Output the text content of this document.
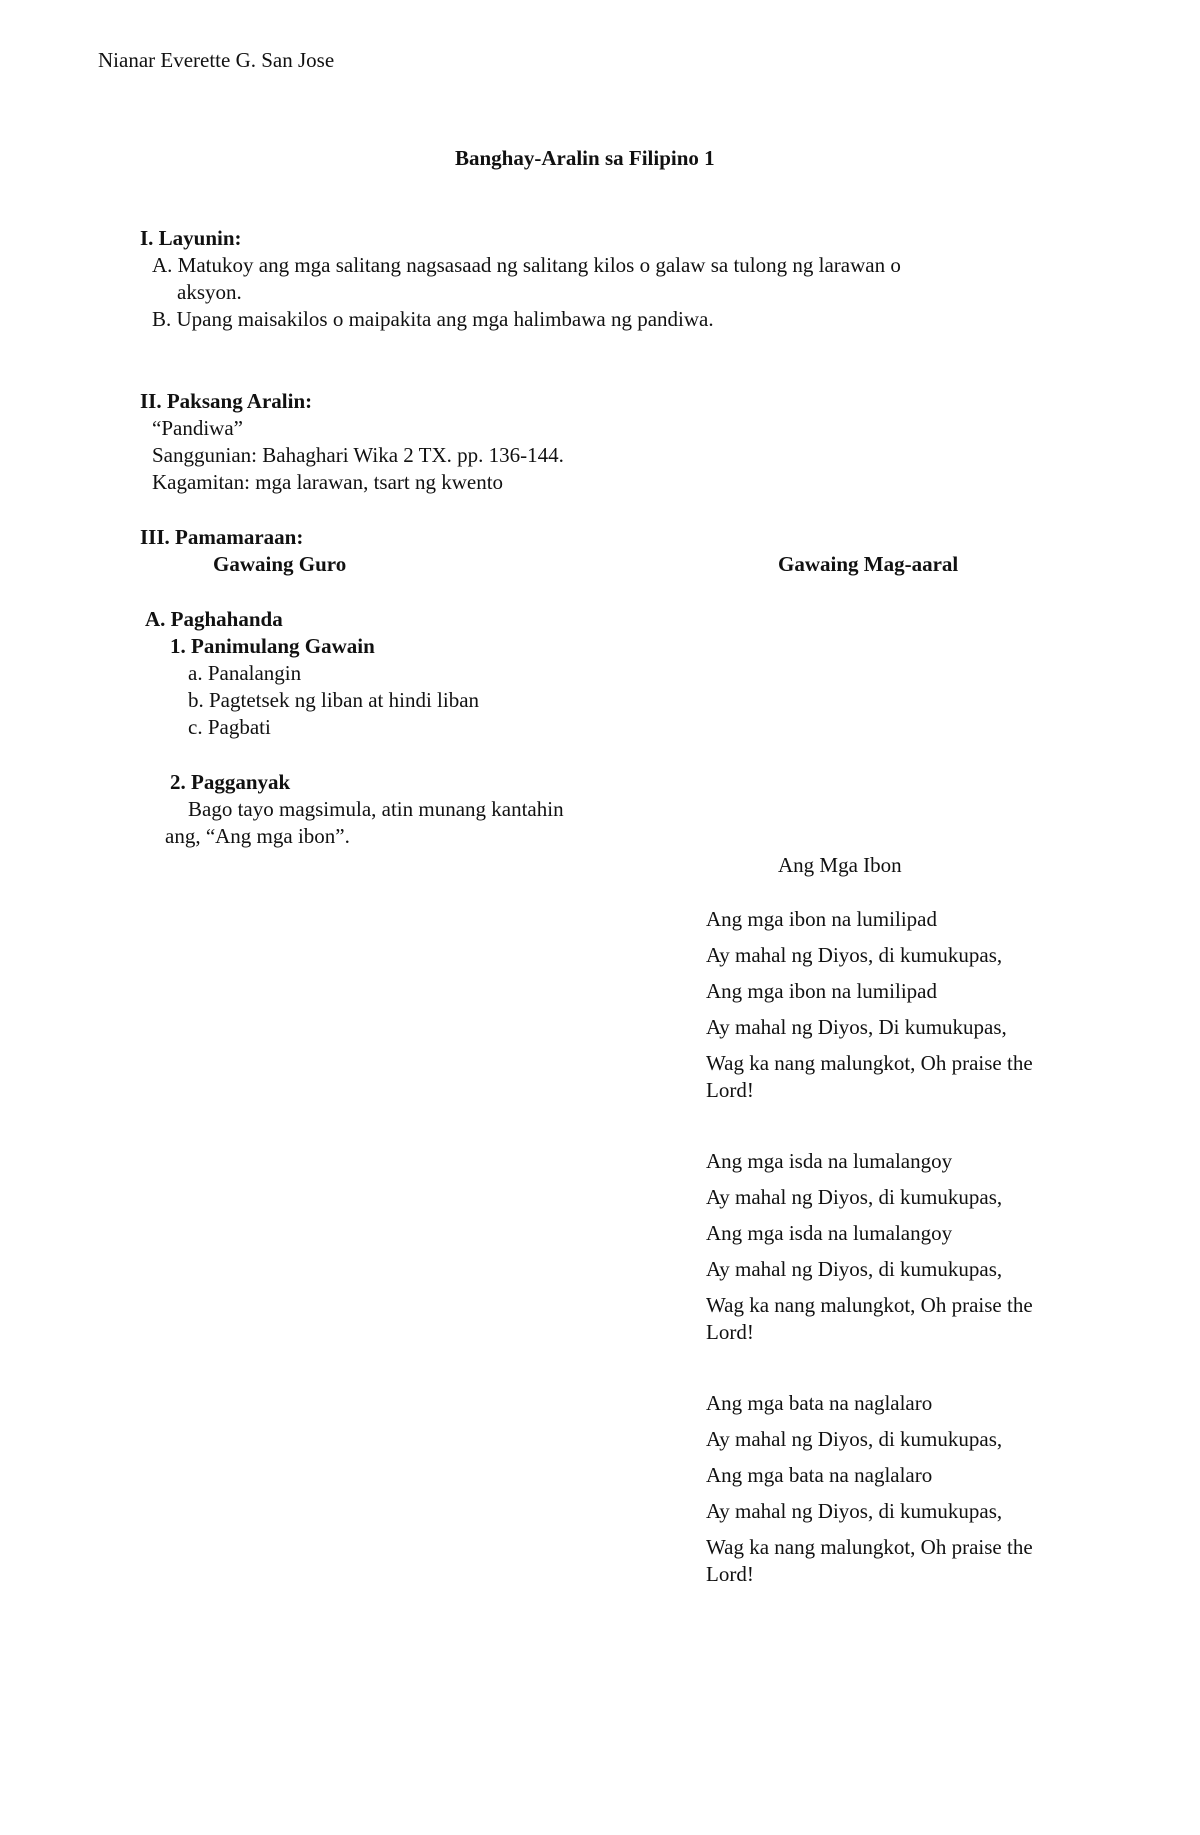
Nianar Everette G. San Jose
Banghay-Aralin sa Filipino 1
I. Layunin:
A. Matukoy ang mga salitang nagsasaad ng salitang kilos o galaw sa tulong ng larawan o
aksyon.
B. Upang maisakilos o maipakita ang mga halimbawa ng pandiwa.
II. Paksang Aralin:
“Pandiwa”
Sanggunian: Bahaghari Wika 2 TX. pp. 136-144.
Kagamitan: mga larawan, tsart ng kwento
III. Pamamaraan:
Gawaing Guro	Gawaing Mag-aaral
A. Paghahanda
1. Panimulang Gawain
a. Panalangin
b. Pagtetsek ng liban at hindi liban
c. Pagbati
2. Pagganyak
Bago tayo magsimula, atin munang kantahin
ang, “Ang mga ibon”.
Ang Mga Ibon
Ang mga ibon na lumilipad
Ay mahal ng Diyos, di kumukupas,
Ang mga ibon na lumilipad
Ay mahal ng Diyos, Di kumukupas,
Wag ka nang malungkot, Oh praise the Lord!
Ang mga isda na lumalangoy
Ay mahal ng Diyos, di kumukupas,
Ang mga isda na lumalangoy
Ay mahal ng Diyos, di kumukupas,
Wag ka nang malungkot, Oh praise the Lord!
Ang mga bata na naglalaro
Ay mahal ng Diyos, di kumukupas,
Ang mga bata na naglalaro
Ay mahal ng Diyos, di kumukupas,
Wag ka nang malungkot, Oh praise the Lord!
